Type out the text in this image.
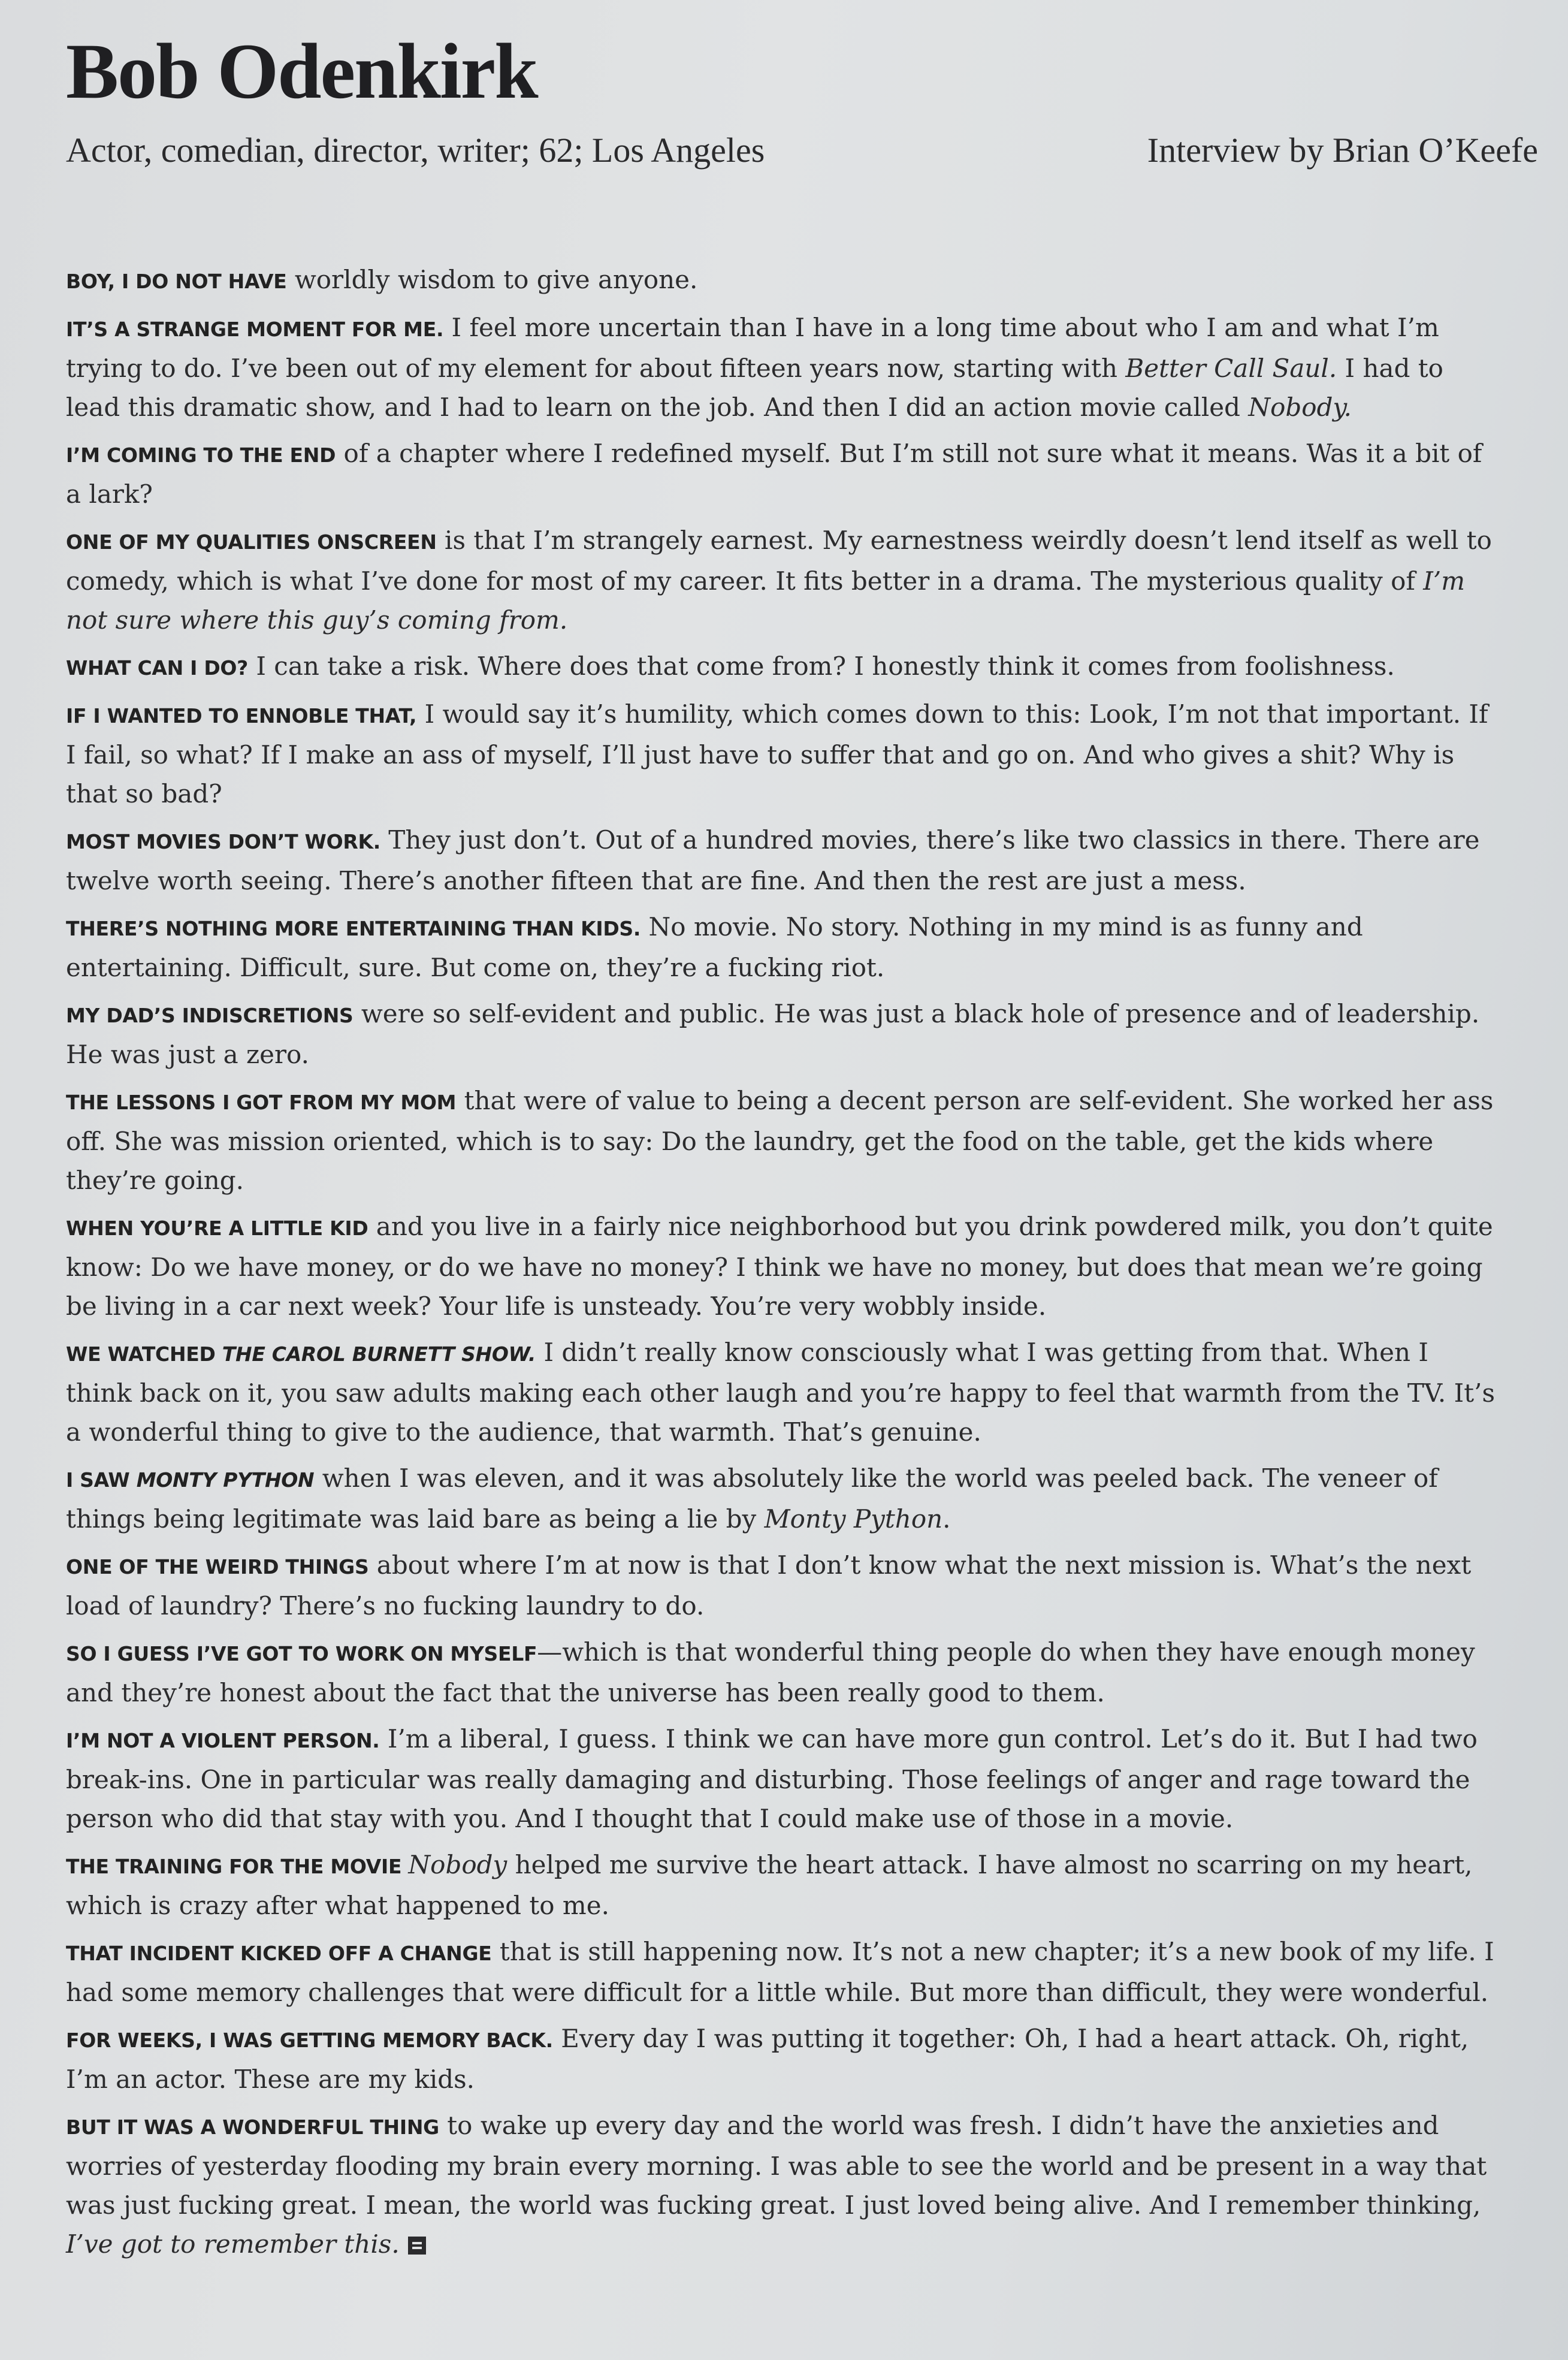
Bob Odenkirk
Actor, comedian, director, writer; 62; Los Angeles	Interview by Brian O’Keefe

BOY, I DO NOT HAVE worldly wisdom to give anyone.

IT’S A STRANGE MOMENT FOR ME. I feel more uncertain than I have in a long time about who I am and what I’m trying to do. I’ve been out of my element for about fifteen years now, starting with Better Call Saul. I had to lead this dramatic show, and I had to learn on the job. And then I did an action movie called Nobody.

I’M COMING TO THE END of a chapter where I redefined myself. But I’m still not sure what it means. Was it a bit of a lark?

ONE OF MY QUALITIES ONSCREEN is that I’m strangely earnest. My earnestness weirdly doesn’t lend itself as well to comedy, which is what I’ve done for most of my career. It fits better in a drama. The mysterious quality of I’m not sure where this guy’s coming from.

WHAT CAN I DO? I can take a risk. Where does that come from? I honestly think it comes from foolishness.

IF I WANTED TO ENNOBLE THAT, I would say it’s humility, which comes down to this: Look, I’m not that important. If I fail, so what? If I make an ass of myself, I’ll just have to suffer that and go on. And who gives a shit? Why is that so bad?

MOST MOVIES DON’T WORK. They just don’t. Out of a hundred movies, there’s like two classics in there. There are twelve worth seeing. There’s another fifteen that are fine. And then the rest are just a mess.

THERE’S NOTHING MORE ENTERTAINING THAN KIDS. No movie. No story. Nothing in my mind is as funny and entertaining. Difficult, sure. But come on, they’re a fucking riot.

MY DAD’S INDISCRETIONS were so self-evident and public. He was just a black hole of presence and of leadership. He was just a zero.

THE LESSONS I GOT FROM MY MOM that were of value to being a decent person are self-evident. She worked her ass off. She was mission oriented, which is to say: Do the laundry, get the food on the table, get the kids where they’re going.

WHEN YOU’RE A LITTLE KID and you live in a fairly nice neighborhood but you drink powdered milk, you don’t quite know: Do we have money, or do we have no money? I think we have no money, but does that mean we’re going be living in a car next week? Your life is unsteady. You’re very wobbly inside.

WE WATCHED THE CAROL BURNETT SHOW. I didn’t really know consciously what I was getting from that. When I think back on it, you saw adults making each other laugh and you’re happy to feel that warmth from the TV. It’s a wonderful thing to give to the audience, that warmth. That’s genuine.

I SAW MONTY PYTHON when I was eleven, and it was absolutely like the world was peeled back. The veneer of things being legitimate was laid bare as being a lie by Monty Python.

ONE OF THE WEIRD THINGS about where I’m at now is that I don’t know what the next mission is. What’s the next load of laundry? There’s no fucking laundry to do.

SO I GUESS I’VE GOT TO WORK ON MYSELF—which is that wonderful thing people do when they have enough money and they’re honest about the fact that the universe has been really good to them.

I’M NOT A VIOLENT PERSON. I’m a liberal, I guess. I think we can have more gun control. Let’s do it. But I had two break-ins. One in particular was really damaging and disturbing. Those feelings of anger and rage toward the person who did that stay with you. And I thought that I could make use of those in a movie.

THE TRAINING FOR THE MOVIE Nobody helped me survive the heart attack. I have almost no scarring on my heart, which is crazy after what happened to me.

THAT INCIDENT KICKED OFF A CHANGE that is still happening now. It’s not a new chapter; it’s a new book of my life. I had some memory challenges that were difficult for a little while. But more than difficult, they were wonderful.

FOR WEEKS, I WAS GETTING MEMORY BACK. Every day I was putting it together: Oh, I had a heart attack. Oh, right, I’m an actor. These are my kids.

BUT IT WAS A WONDERFUL THING to wake up every day and the world was fresh. I didn’t have the anxieties and worries of yesterday flooding my brain every morning. I was able to see the world and be present in a way that was just fucking great. I mean, the world was fucking great. I just loved being alive. And I remember thinking, I’ve got to remember this.
